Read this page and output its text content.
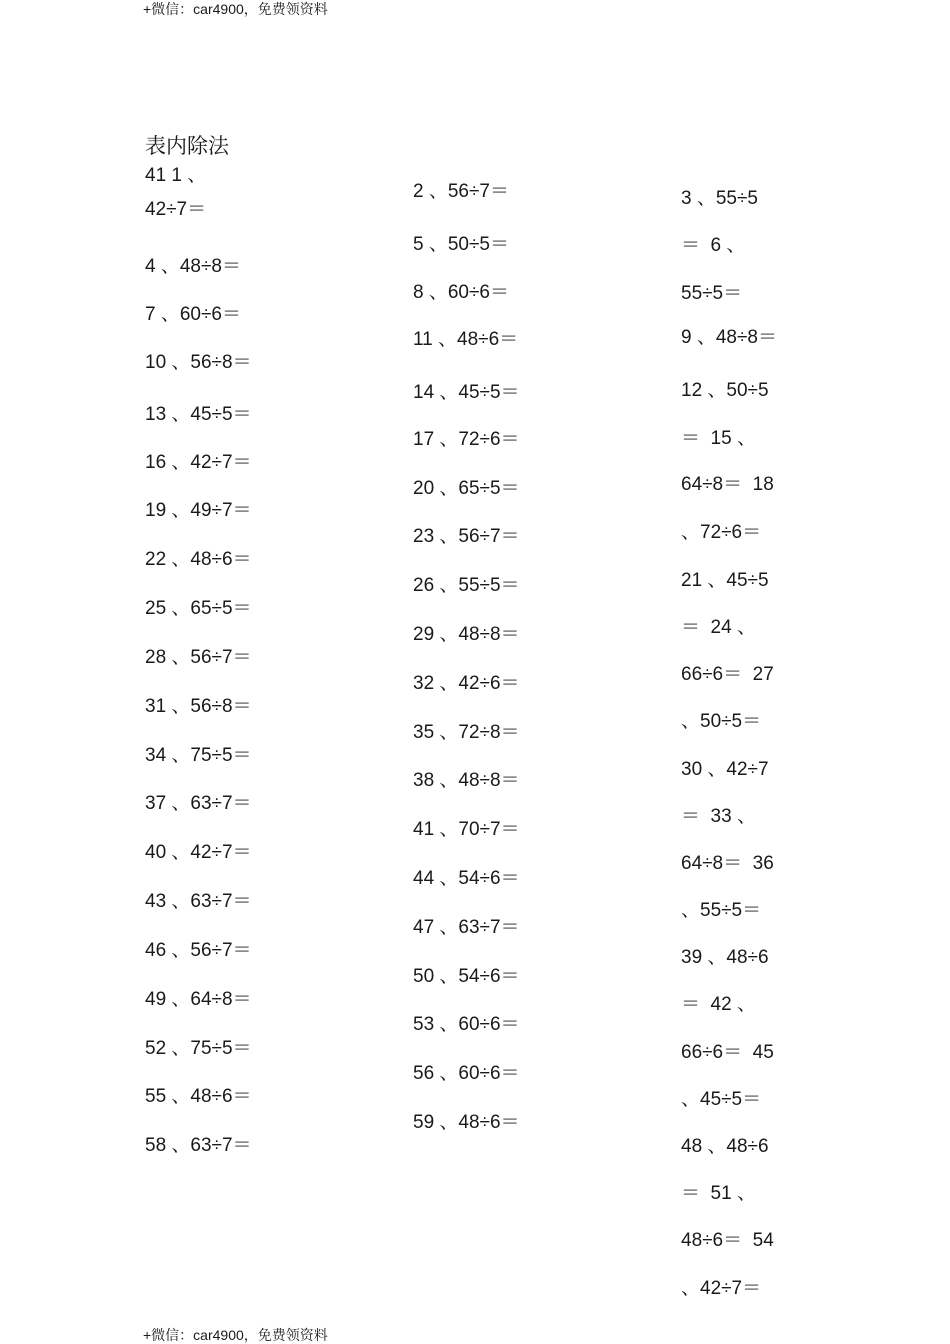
+微信：car4900，免费领资料
表内除法
41 1 、
42÷7＝
4 、48÷8＝
7 、60÷6＝
10 、56÷8＝
13 、45÷5＝
16 、42÷7＝
19 、49÷7＝
22 、48÷6＝
25 、65÷5＝
28 、56÷7＝
31 、56÷8＝
34 、75÷5＝
37 、63÷7＝
40 、42÷7＝
43 、63÷7＝
46 、56÷7＝
49 、64÷8＝
52 、75÷5＝
55 、48÷6＝
58 、63÷7＝
2 、56÷7＝
5 、50÷5＝
8 、60÷6＝
11 、48÷6＝
14 、45÷5＝
17 、72÷6＝
20 、65÷5＝
23 、56÷7＝
26 、55÷5＝
29 、48÷8＝
32 、42÷6＝
35 、72÷8＝
38 、48÷8＝
41 、70÷7＝
44 、54÷6＝
47 、63÷7＝
50 、54÷6＝
53 、60÷6＝
56 、60÷6＝
59 、48÷6＝
3 、55÷5
＝  6 、
55÷5＝
9 、48÷8＝
12 、50÷5
＝  15 、
64÷8＝  18
、72÷6＝
21 、45÷5
＝  24 、
66÷6＝  27
、50÷5＝
30 、42÷7
＝  33 、
64÷8＝  36
、55÷5＝
39 、48÷6
＝  42 、
66÷6＝  45
、45÷5＝
48 、48÷6
＝  51 、
48÷6＝  54
、42÷7＝
+微信：car4900，免费领资料
